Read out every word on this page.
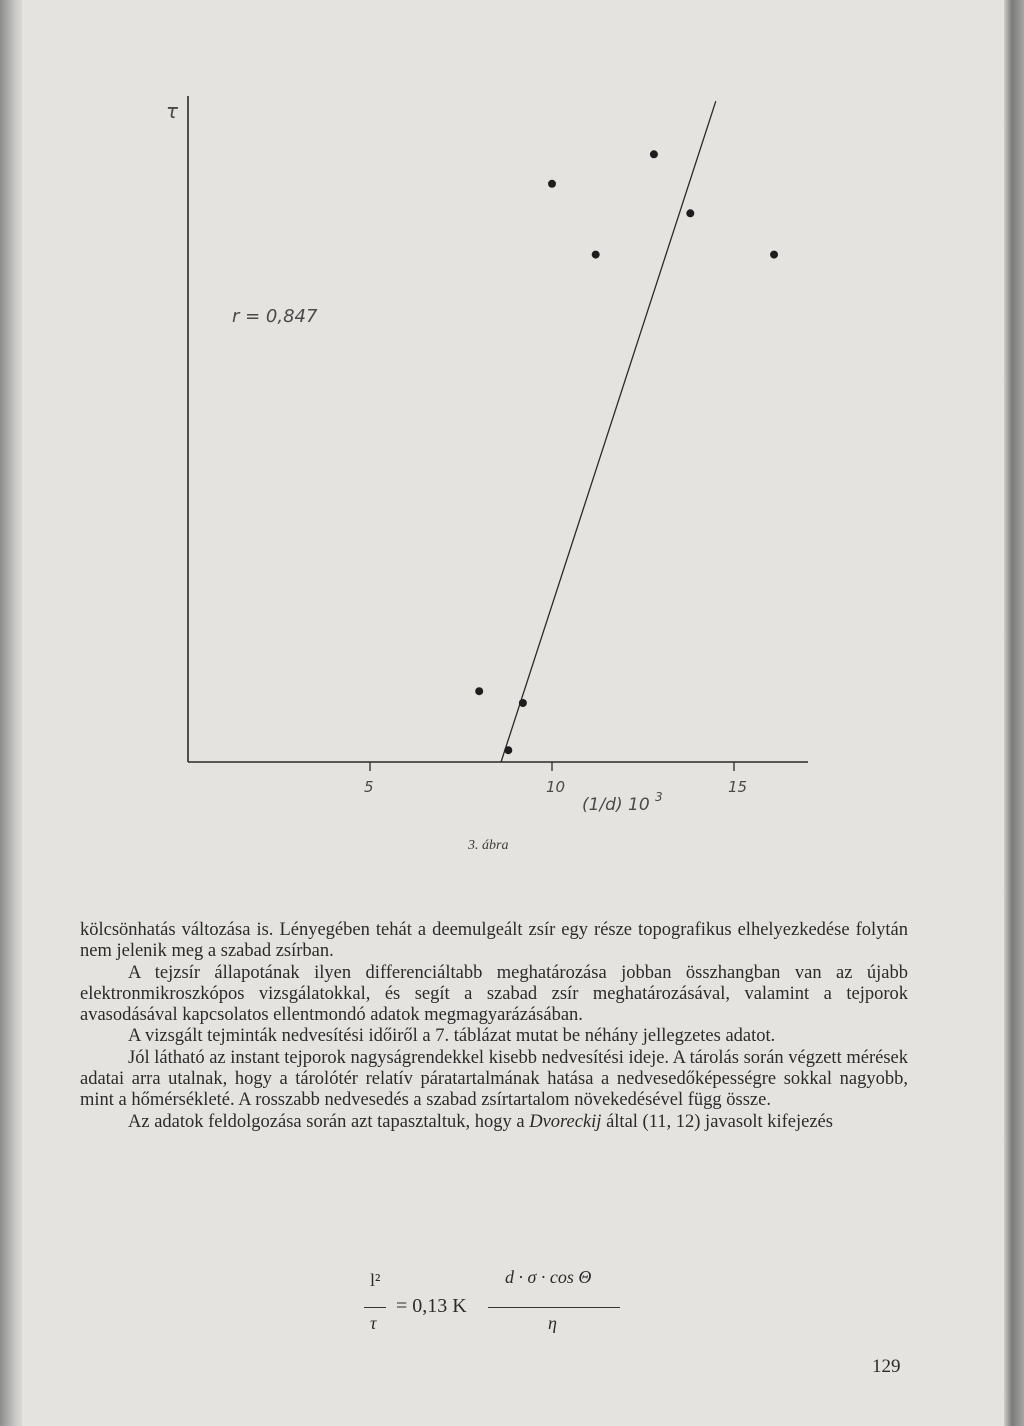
τ
r = 0,847
5	10	15
(1/d) 10 $^3$
3. ábra

kölcsönhatás változása is. Lényegében tehát a deemulgeált zsír egy része topografikus elhelyezkedése folytán nem jelenik meg a szabad zsírban.

A tejzsír állapotának ilyen differenciáltabb meghatározása jobban összhangban van az újabb elektronmikroszkópos vizsgálatokkal, és segít a szabad zsír meghatározásával, valamint a tejporok avasodásával kapcsolatos ellentmondó adatok megmagyarázásában.

A vizsgált tejminták nedvesítési időiről a 7. táblázat mutat be néhány jellegzetes adatot.

Jól látható az instant tejporok nagyságrendekkel kisebb nedvesítési ideje. A tárolás során végzett mérések adatai arra utalnak, hogy a tárolótér relatív páratartalmának hatása a nedvesedőképességre sokkal nagyobb, mint a hőmérsékleté. A rosszabb nedvesedés a szabad zsírtartalom növekedésével függ össze.

Az adatok feldolgozása során azt tapasztaltuk, hogy a Dvoreckij által (11, 12) javasolt kifejezés

l²
τ
= 0,13 K
d · σ · cos Θ
η
129
